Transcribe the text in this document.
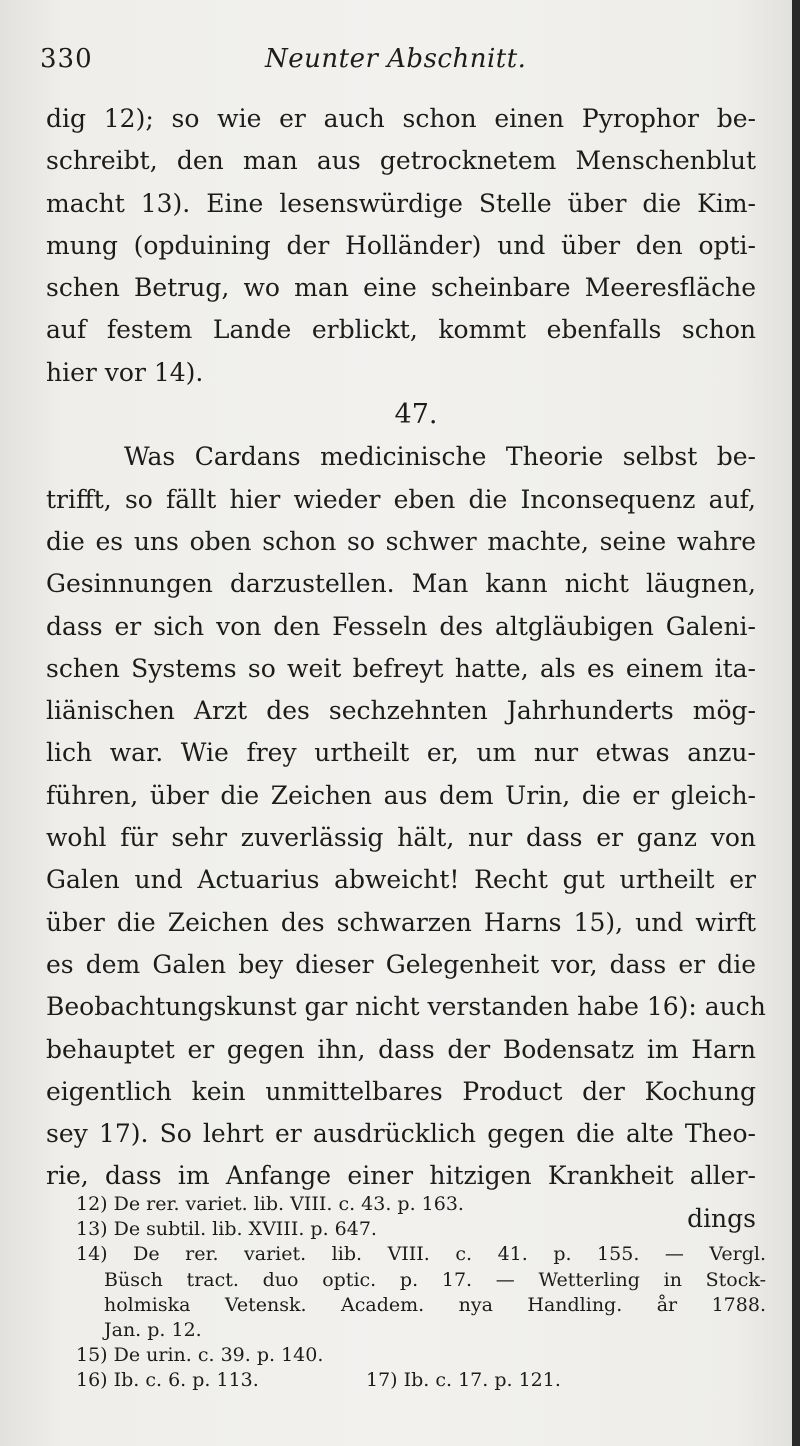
330	Neunter Abschnitt.
dig 12); so wie er auch schon einen Pyrophor be-
schreibt, den man aus getrocknetem Menschenblut
macht 13). Eine lesenswürdige Stelle über die Kim-
mung (opduining der Holländer) und über den opti-
schen Betrug, wo man eine scheinbare Meeresfläche
auf festem Lande erblickt, kommt ebenfalls schon
hier vor 14).
47.
Was Cardans medicinische Theorie selbst be-
trifft, so fällt hier wieder eben die Inconsequenz auf,
die es uns oben schon so schwer machte, seine wahre
Gesinnungen darzustellen. Man kann nicht läugnen,
dass er sich von den Fesseln des altgläubigen Galeni-
schen Systems so weit befreyt hatte, als es einem ita-
liänischen Arzt des sechzehnten Jahrhunderts mög-
lich war. Wie frey urtheilt er, um nur etwas anzu-
führen, über die Zeichen aus dem Urin, die er gleich-
wohl für sehr zuverlässig hält, nur dass er ganz von
Galen und Actuarius abweicht! Recht gut urtheilt er
über die Zeichen des schwarzen Harns 15), und wirft
es dem Galen bey dieser Gelegenheit vor, dass er die
Beobachtungskunst gar nicht verstanden habe 16): auch
behauptet er gegen ihn, dass der Bodensatz im Harn
eigentlich kein unmittelbares Product der Kochung
sey 17). So lehrt er ausdrücklich gegen die alte Theo-
rie, dass im Anfange einer hitzigen Krankheit aller-
dings
12) De rer. variet. lib. VIII. c. 43. p. 163.
13) De subtil. lib. XVIII. p. 647.
14) De rer. variet. lib. VIII. c. 41. p. 155. — Vergl.
Büsch tract. duo optic. p. 17. — Wetterling in Stock-
holmiska Vetensk. Academ. nya Handling. år 1788.
Jan. p. 12.
15) De urin. c. 39. p. 140.
16) Ib. c. 6. p. 113.	17) Ib. c. 17. p. 121.
